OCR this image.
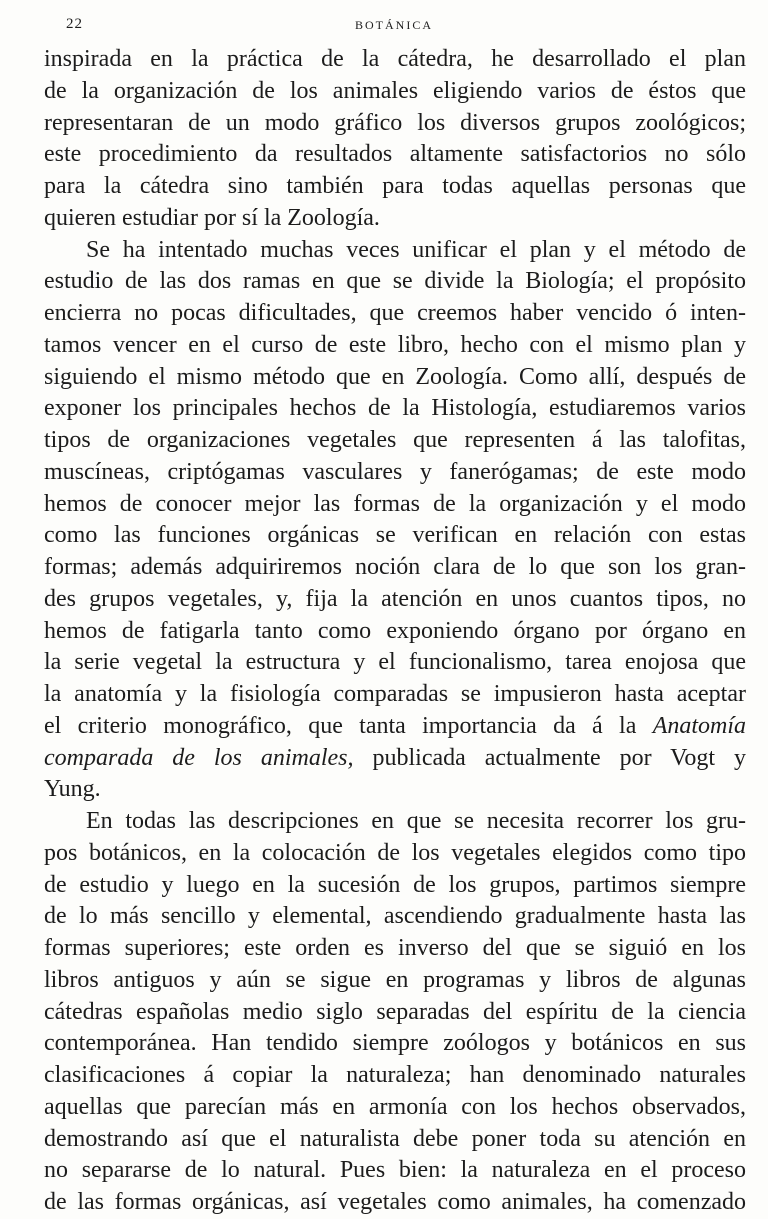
22	BOTÁNICA
inspirada en la práctica de la cátedra, he desarrollado el plan
de la organización de los animales eligiendo varios de éstos que
representaran de un modo gráfico los diversos grupos zoológicos;
este procedimiento da resultados altamente satisfactorios no sólo
para la cátedra sino también para todas aquellas personas que
quieren estudiar por sí la Zoología.
Se ha intentado muchas veces unificar el plan y el método de
estudio de las dos ramas en que se divide la Biología; el propósito
encierra no pocas dificultades, que creemos haber vencido ó inten-
tamos vencer en el curso de este libro, hecho con el mismo plan y
siguiendo el mismo método que en Zoología. Como allí, después de
exponer los principales hechos de la Histología, estudiaremos varios
tipos de organizaciones vegetales que representen á las talofitas,
muscíneas, criptógamas vasculares y fanerógamas; de este modo
hemos de conocer mejor las formas de la organización y el modo
como las funciones orgánicas se verifican en relación con estas
formas; además adquiriremos noción clara de lo que son los gran-
des grupos vegetales, y, fija la atención en unos cuantos tipos, no
hemos de fatigarla tanto como exponiendo órgano por órgano en
la serie vegetal la estructura y el funcionalismo, tarea enojosa que
la anatomía y la fisiología comparadas se impusieron hasta aceptar
el criterio monográfico, que tanta importancia da á la Anatomía
comparada de los animales, publicada actualmente por Vogt y
Yung.
En todas las descripciones en que se necesita recorrer los gru-
pos botánicos, en la colocación de los vegetales elegidos como tipo
de estudio y luego en la sucesión de los grupos, partimos siempre
de lo más sencillo y elemental, ascendiendo gradualmente hasta las
formas superiores; este orden es inverso del que se siguió en los
libros antiguos y aún se sigue en programas y libros de algunas
cátedras españolas medio siglo separadas del espíritu de la ciencia
contemporánea. Han tendido siempre zoólogos y botánicos en sus
clasificaciones á copiar la naturaleza; han denominado naturales
aquellas que parecían más en armonía con los hechos observados,
demostrando así que el naturalista debe poner toda su atención en
no separarse de lo natural. Pues bien: la naturaleza en el proceso
de las formas orgánicas, así vegetales como animales, ha comenzado
